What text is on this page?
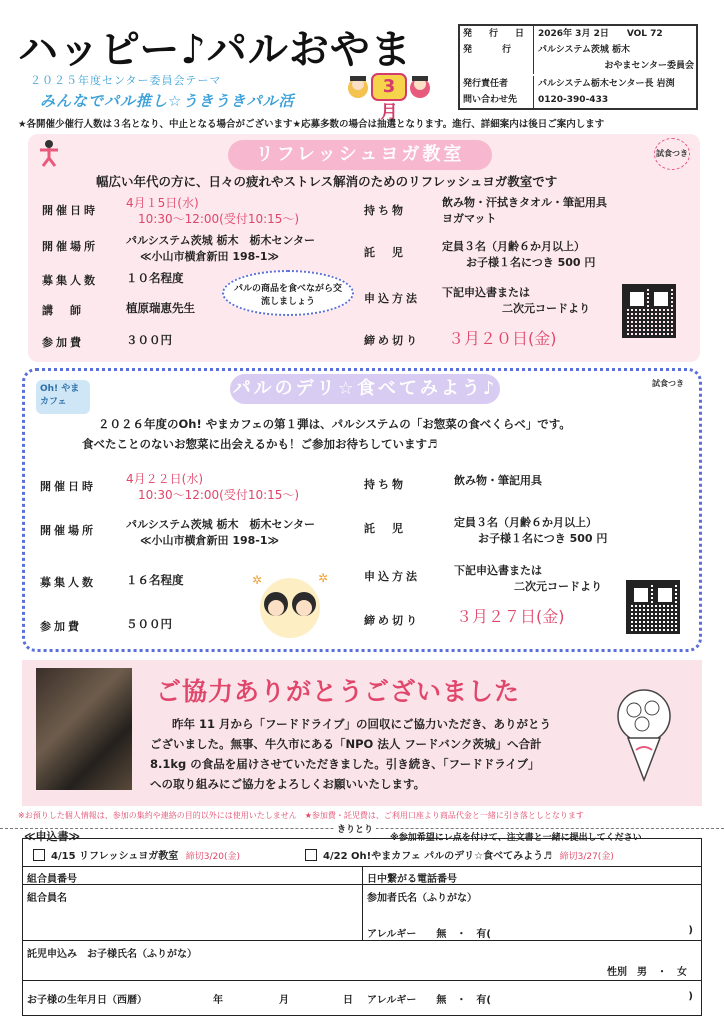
ハッピー♪パルおやま
２０２５年度センター委員会テーマ
みんなでパル推し☆うきうきパル活
3月
発　行　日	2026年 3月 2日　　VOL 72
発　　行	パルシステム茨城 栃木
おやまセンター委員会
発行責任者	パルシステム栃木センター長 岩渕
問い合わせ先	0120-390-433
★各開催少催行人数は３名となり、中止となる場合がございます★応募多数の場合は抽選となります。進行、詳細案内は後日ご案内します
リフレッシュヨガ教室	試食つき
幅広い年代の方に、日々の疲れやストレス解消のためのリフレッシュヨガ教室です
開催日時
4月１5日(水)
10:30～12:00(受付10:15～)
開催場所	パルシステム茨城 栃木　栃木センター
≪小山市横倉新田 198-1≫
募集人数 １０名程度
講　師	植原瑞恵先生
参加費	３００円
パルの商品を食べながら交流しましょう
持ち物
飲み物・汗拭きタオル・筆記用具
ヨガマット
託　児	定員３名（月齢６か月以上）
お子様１名につき 500 円
申込方法 下記申込書または
二次元コードより
締め切り ３月２０日(金)
Oh! やま カフェ
パルのデリ☆食べてみよう♪	試食つき
２０２６年度のOh! やまカフェの第１弾は、パルシステムの「お惣菜の食べくらべ」です。
食べたことのないお惣菜に出会えるかも！ご参加お待ちしています♬
開催日時
4月２２日(水)
10:30～12:00(受付10:15～)
開催場所	パルシステム茨城 栃木　栃木センター
≪小山市横倉新田 198-1≫
募集人数	１６名程度
参加費	５００円
✲	✲
持ち物	飲み物・筆記用具
託　児	定員３名（月齢６か月以上）
お子様１名につき 500 円
申込方法	下記申込書または
二次元コードより
締め切り ３月２７日(金)
ご協力ありがとうございました
昨年 11 月から「フードドライブ」の回収にご協力いただき、ありがとう
ございました。無事、牛久市にある「NPO 法人 フードバンク茨城」へ合計
8.1kg の食品を届けさせていただきました。引き続き、「フードドライブ」
への取り組みにご協力をよろしくお願いいたします。
※お預りした個人情報は、参加の集約や連絡の目的以外には使用いたしません　★参加費・託児費は、ご利用口座より商品代金と一緒に引き落としとなります
きりとり
≪申込書≫	※参加希望にレ点を付けて、注文書と一緒に提出してください
4/15 リフレッシュヨガ教室 締切3/20(金)	4/22 Oh!やまカフェ パルのデリ☆食べてみよう♬ 締切3/27(金)
組合員番号	日中繋がる電話番号
組合員名	参加者氏名（ふりがな）
アレルギー　　無　・　有(	)
託児申込み　お子様氏名（ふりがな）
性別　男　・　女
お子様の生年月日（西暦）	年	月	日 アレルギー　　無　・　有(	)
